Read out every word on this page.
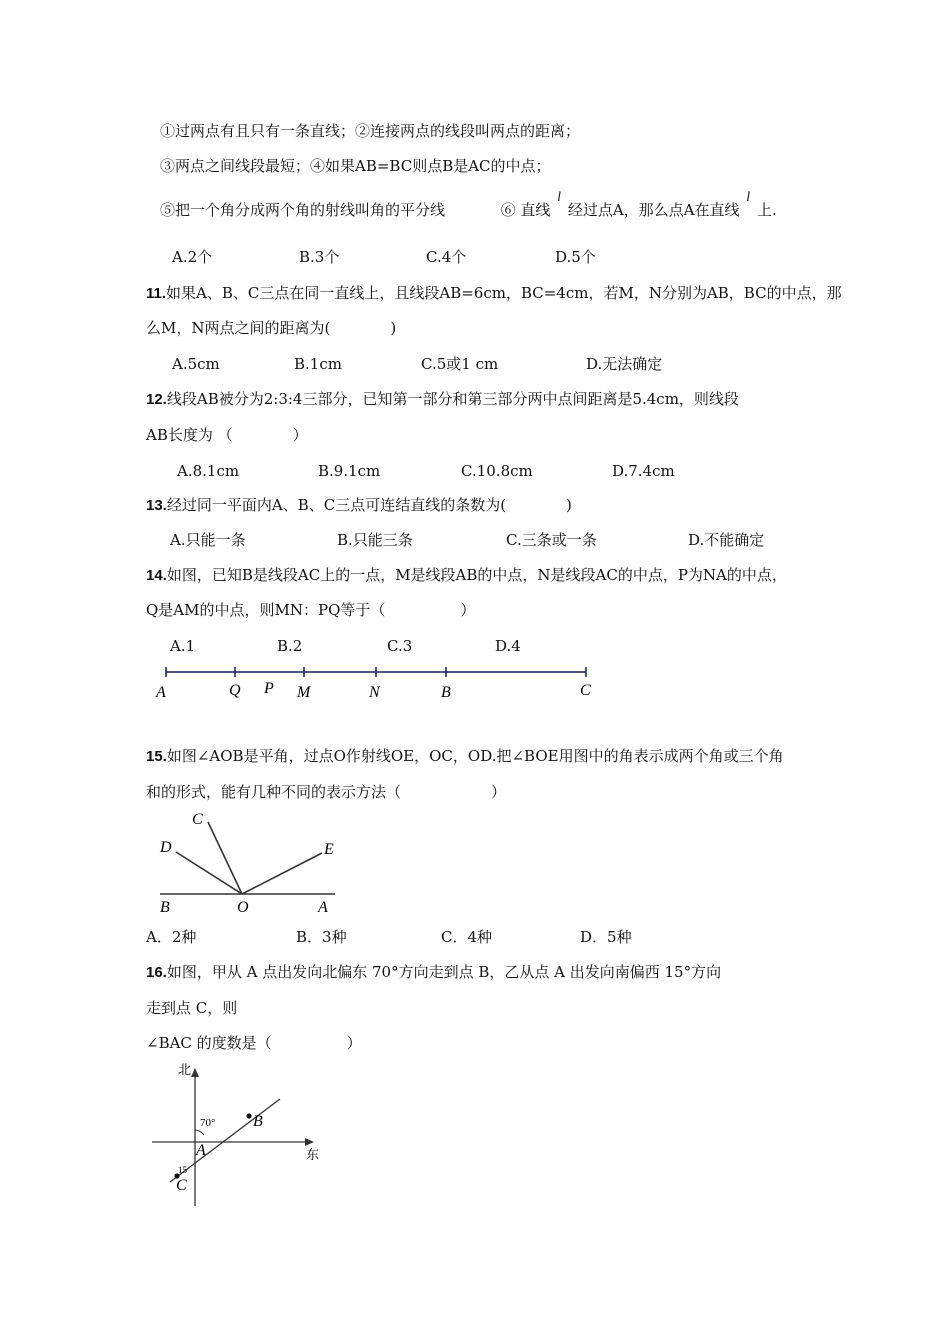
①过两点有且只有一条直线；②连接两点的线段叫两点的距离；
③两点之间线段最短；④如果AB=BC则点B是AC的中点；
⑤把一个角分成两个角的射线叫角的平分线	⑥ 直线 l 经过点A，那么点A在直线 l 上.
A.2个	B.3个	C.4个	D.5个
11.如果A、B、C三点在同一直线上，且线段AB=6cm，BC=4cm，若M，N分别为AB，BC的中点，那
么M，N两点之间的距离为(　　　　)
A.5cm	B.1cm	C.5或1 cm	D.无法确定
12.线段AB被分为2:3:4三部分，已知第一部分和第三部分两中点间距离是5.4cm，则线段
AB长度为 （　　　　）
A.8.1cm	B.9.1cm	C.10.8cm	D.7.4cm
13.经过同一平面内A、B、C三点可连结直线的条数为(　　　　)
A.只能一条	B.只能三条	C.三条或一条	D.不能确定
14.如图，已知B是线段AC上的一点，M是线段AB的中点，N是线段AC的中点，P为NA的中点，
Q是AM的中点，则MN：PQ等于（　　　　　）
A.1	B.2	C.3	D.4
A	Q P M	N	B	C
15.如图∠AOB是平角，过点O作射线OE，OC，OD.把∠BOE用图中的角表示成两个角或三个角
和的形式，能有几种不同的表示方法（　　　　　　）
C
D	E
B	O	A
A．2种	B．3种	C．4种	D．5种
16.如图，甲从 A 点出发向北偏东 70°方向走到点 B，乙从点 A 出发向南偏西 15°方向
走到点 C，则
∠BAC 的度数是（　　　　　）
北
东
70°
15
A
B
C
